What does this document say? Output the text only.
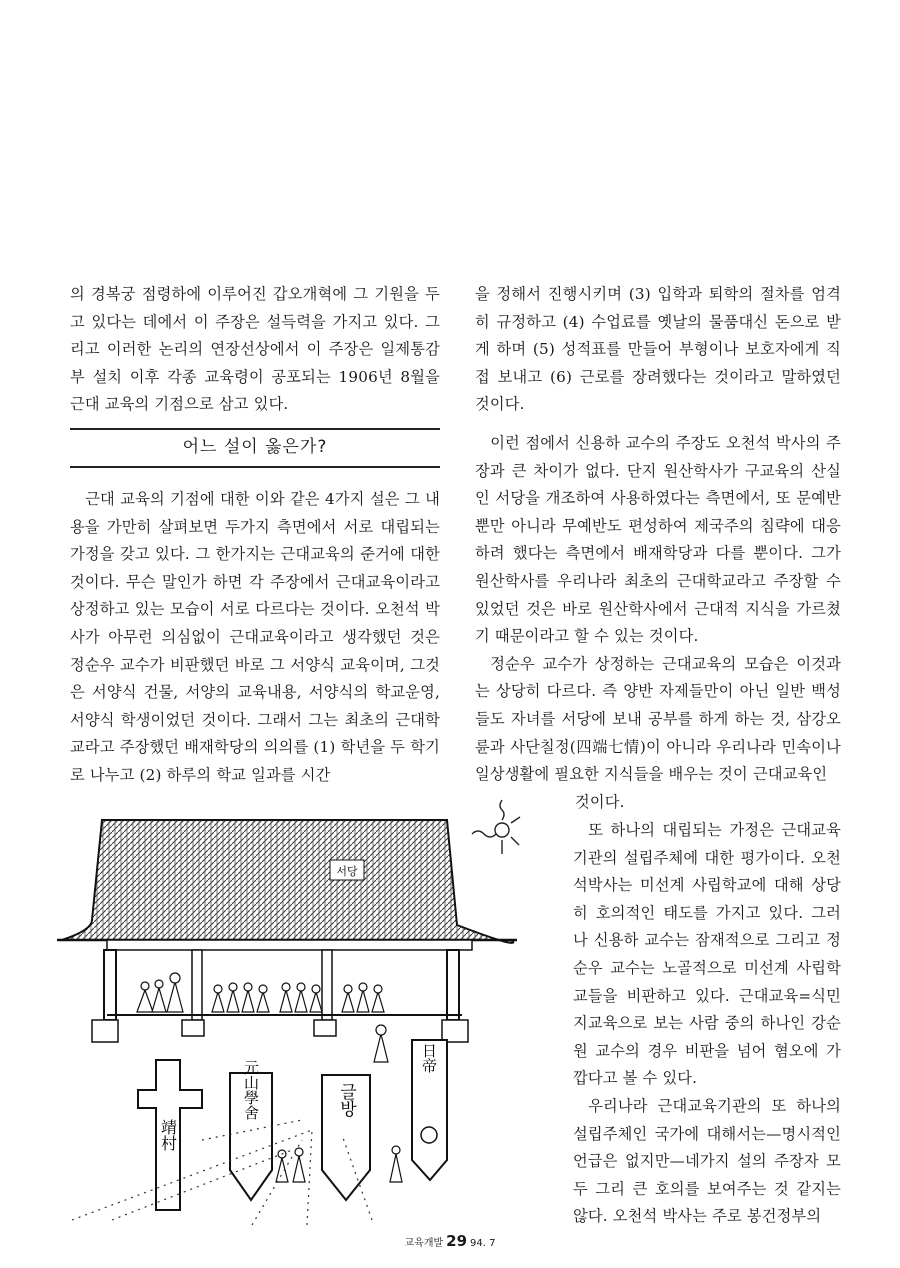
의 경복궁 점령하에 이루어진 갑오개혁에 그 기원을 두고 있다는 데에서 이 주장은 설득력을 가지고 있다. 그리고 이러한 논리의 연장선상에서 이 주장은 일제통감부 설치 이후 각종 교육령이 공포되는 1906년 8월을 근대 교육의 기점으로 삼고 있다.

어느 설이 옳은가?

근대 교육의 기점에 대한 이와 같은 4가지 설은 그 내용을 가만히 살펴보면 두가지 측면에서 서로 대립되는 가정을 갖고 있다. 그 한가지는 근대교육의 준거에 대한 것이다. 무슨 말인가 하면 각 주장에서 근대교육이라고 상정하고 있는 모습이 서로 다르다는 것이다. 오천석 박사가 아무런 의심없이 근대교육이라고 생각했던 것은 정순우 교수가 비판했던 바로 그 서양식 교육이며, 그것은 서양식 건물, 서양의 교육내용, 서양식의 학교운영, 서양식 학생이었던 것이다. 그래서 그는 최초의 근대학교라고 주장했던 배재학당의 의의를 (1) 학년을 두 학기로 나누고 (2) 하루의 학교 일과를 시간

을 정해서 진행시키며 (3) 입학과 퇴학의 절차를 엄격히 규정하고 (4) 수업료를 옛날의 물품대신 돈으로 받게 하며 (5) 성적표를 만들어 부형이나 보호자에게 직접 보내고 (6) 근로를 장려했다는 것이라고 말하였던 것이다.

이런 점에서 신용하 교수의 주장도 오천석 박사의 주장과 큰 차이가 없다. 단지 원산학사가 구교육의 산실인 서당을 개조하여 사용하였다는 측면에서, 또 문예반뿐만 아니라 무예반도 편성하여 제국주의 침략에 대응하려 했다는 측면에서 배재학당과 다를 뿐이다. 그가 원산학사를 우리나라 최초의 근대학교라고 주장할 수 있었던 것은 바로 원산학사에서 근대적 지식을 가르쳤기 때문이라고 할 수 있는 것이다.

정순우 교수가 상정하는 근대교육의 모습은 이것과는 상당히 다르다. 즉 양반 자제들만이 아닌 일반 백성들도 자녀를 서당에 보내 공부를 하게 하는 것, 삼강오륜과 사단칠정(四端七情)이 아니라 우리나라 민속이나 일상생활에 필요한 지식들을 배우는 것이 근대교육인

것이다.

또 하나의 대립되는 가정은 근대교육기관의 설립주체에 대한 평가이다. 오천석박사는 미선계 사립학교에 대해 상당히 호의적인 태도를 가지고 있다. 그러나 신용하 교수는 잠재적으로 그리고 정순우 교수는 노골적으로 미선계 사립학교들을 비판하고 있다. 근대교육=식민지교육으로 보는 사람 중의 하나인 강순원 교수의 경우 비판을 넘어 혐오에 가깝다고 볼 수 있다.

우리나라 근대교육기관의 또 하나의 설립주체인 국가에 대해서는—명시적인 언급은 없지만—네가지 설의 주장자 모두 그리 큰 호의를 보여주는 것 같지는 않다. 오천석 박사는 주로 봉건정부의

서당
靖村
元山學舍	글방
日帝
교육개발 29 94. 7
